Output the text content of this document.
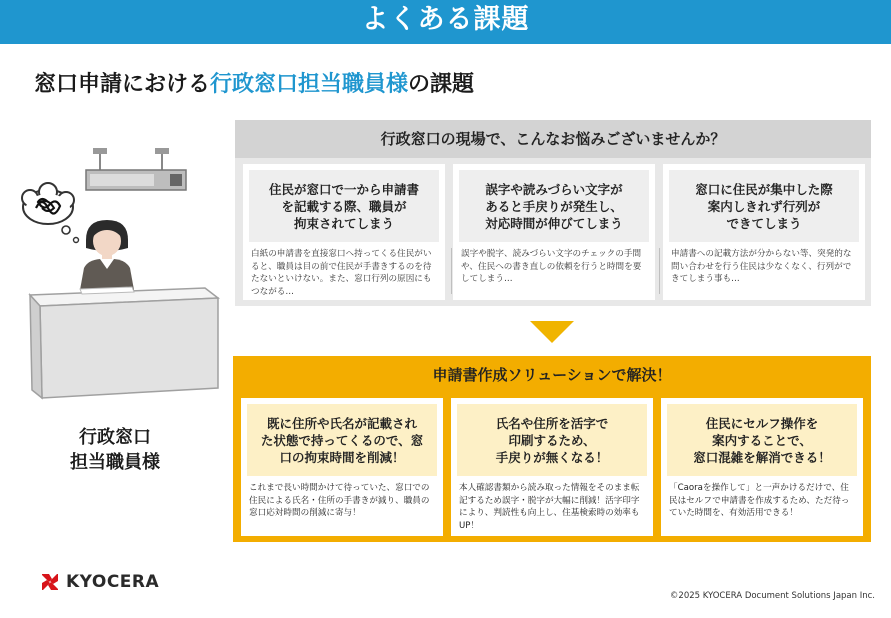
よくある課題
窓口申請における行政窓口担当職員様の課題
行政窓口
担当職員様
行政窓口の現場で、こんなお悩みございませんか？
住民が窓口で一から申請書
を記載する際、職員が
拘束されてしまう
白紙の申請書を直接窓口へ持ってくる住民がいると、職員は目の前で住民が手書きするのを待たないといけない。また、窓口行列の原因にもつながる…
誤字や読みづらい文字が
あると手戻りが発生し、
対応時間が伸びてしまう
誤字や脱字、読みづらい文字のチェックの手間や、住民への書き直しの依頼を行うと時間を要してしまう…
窓口に住民が集中した際
案内しきれず行列が
できてしまう
申請書への記載方法が分からない等、突発的な問い合わせを行う住民は少なくなく、行列ができてしまう事も…
申請書作成ソリューションで解決！
既に住所や氏名が記載され
た状態で持ってくるので、窓
口の拘束時間を削減！
これまで長い時間かけて待っていた、窓口での住民による氏名・住所の手書きが減り、職員の窓口応対時間の削減に寄与！
氏名や住所を活字で
印刷するため、
手戻りが無くなる！
本人確認書類から読み取った情報をそのまま転記するため誤字・脱字が大幅に削減！活字印字により、判読性も向上し、住基検索時の効率もUP！
住民にセルフ操作を
案内することで、
窓口混雑を解消できる！
「Caoraを操作して」と一声かけるだけで、住民はセルフで申請書を作成するため、ただ待っていた時間を、有効活用できる！
KYOCERA
©2025 KYOCERA Document Solutions Japan Inc.
